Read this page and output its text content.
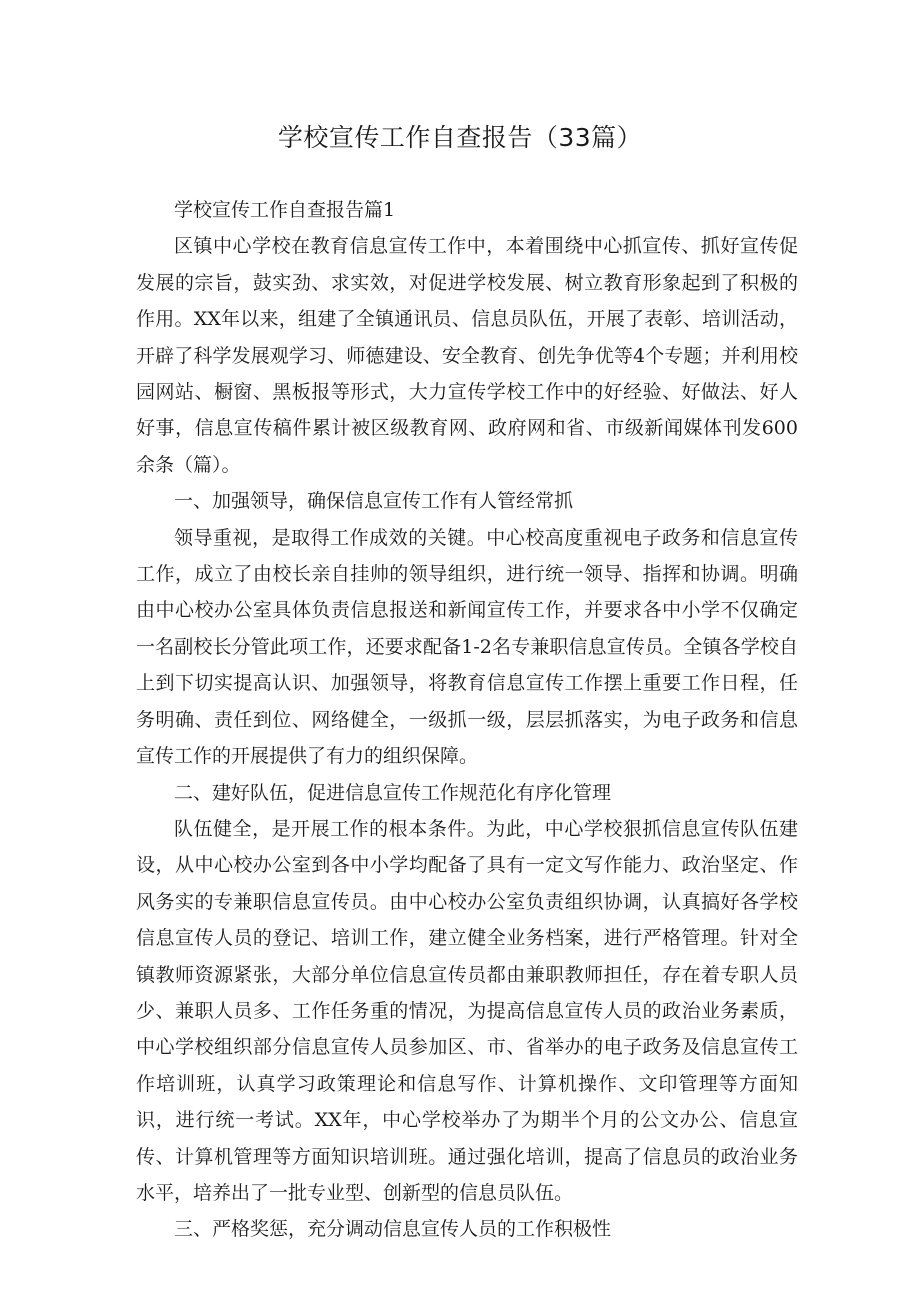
学校宣传工作自查报告（33篇）

学校宣传工作自查报告篇1

区镇中心学校在教育信息宣传工作中，本着围绕中心抓宣传、抓好宣传促发展的宗旨，鼓实劲、求实效，对促进学校发展、树立教育形象起到了积极的作用。XX年以来，组建了全镇通讯员、信息员队伍，开展了表彰、培训活动，开辟了科学发展观学习、师德建设、安全教育、创先争优等4个专题；并利用校园网站、橱窗、黑板报等形式，大力宣传学校工作中的好经验、好做法、好人好事，信息宣传稿件累计被区级教育网、政府网和省、市级新闻媒体刊发600余条（篇）。

一、加强领导，确保信息宣传工作有人管经常抓

领导重视，是取得工作成效的关键。中心校高度重视电子政务和信息宣传工作，成立了由校长亲自挂帅的领导组织，进行统一领导、指挥和协调。明确由中心校办公室具体负责信息报送和新闻宣传工作，并要求各中小学不仅确定一名副校长分管此项工作，还要求配备1-2名专兼职信息宣传员。全镇各学校自上到下切实提高认识、加强领导，将教育信息宣传工作摆上重要工作日程，任务明确、责任到位、网络健全，一级抓一级，层层抓落实，为电子政务和信息宣传工作的开展提供了有力的组织保障。

二、建好队伍，促进信息宣传工作规范化有序化管理

队伍健全，是开展工作的根本条件。为此，中心学校狠抓信息宣传队伍建设，从中心校办公室到各中小学均配备了具有一定文写作能力、政治坚定、作风务实的专兼职信息宣传员。由中心校办公室负责组织协调，认真搞好各学校信息宣传人员的登记、培训工作，建立健全业务档案，进行严格管理。针对全镇教师资源紧张，大部分单位信息宣传员都由兼职教师担任，存在着专职人员少、兼职人员多、工作任务重的情况，为提高信息宣传人员的政治业务素质，中心学校组织部分信息宣传人员参加区、市、省举办的电子政务及信息宣传工作培训班，认真学习政策理论和信息写作、计算机操作、文印管理等方面知识，进行统一考试。XX年，中心学校举办了为期半个月的公文办公、信息宣传、计算机管理等方面知识培训班。通过强化培训，提高了信息员的政治业务水平，培养出了一批专业型、创新型的信息员队伍。

三、严格奖惩，充分调动信息宣传人员的工作积极性
